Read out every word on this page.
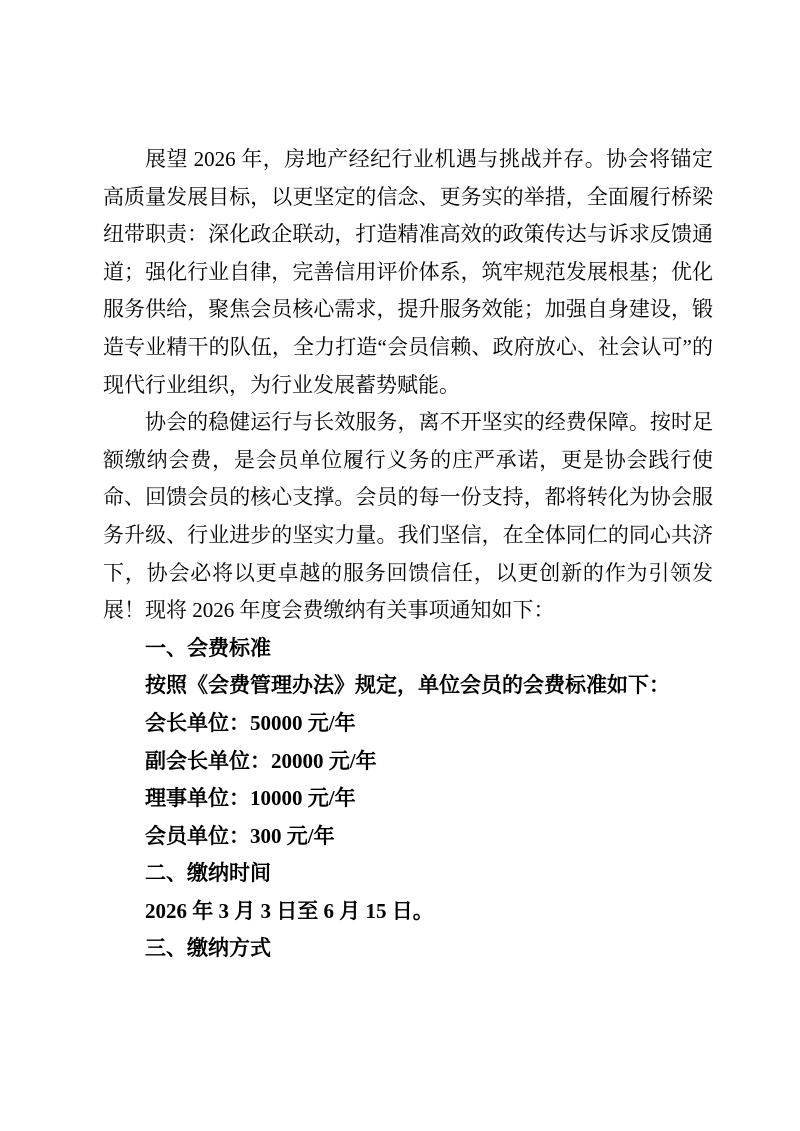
展望 2026 年，房地产经纪行业机遇与挑战并存。协会将锚定高质量发展目标，以更坚定的信念、更务实的举措，全面履行桥梁纽带职责：深化政企联动，打造精准高效的政策传达与诉求反馈通道；强化行业自律，完善信用评价体系，筑牢规范发展根基；优化服务供给，聚焦会员核心需求，提升服务效能；加强自身建设，锻造专业精干的队伍，全力打造“会员信赖、政府放心、社会认可”的现代行业组织，为行业发展蓄势赋能。

协会的稳健运行与长效服务，离不开坚实的经费保障。按时足额缴纳会费，是会员单位履行义务的庄严承诺，更是协会践行使命、回馈会员的核心支撑。会员的每一份支持，都将转化为协会服务升级、行业进步的坚实力量。我们坚信，在全体同仁的同心共济下，协会必将以更卓越的服务回馈信任，以更创新的作为引领发展！现将 2026 年度会费缴纳有关事项通知如下：

一、会费标准

按照《会费管理办法》规定，单位会员的会费标准如下：

会长单位：50000 元/年

副会长单位：20000 元/年

理事单位：10000 元/年

会员单位：300 元/年

二、缴纳时间

2026 年 3 月 3 日至 6 月 15 日。

三、缴纳方式
